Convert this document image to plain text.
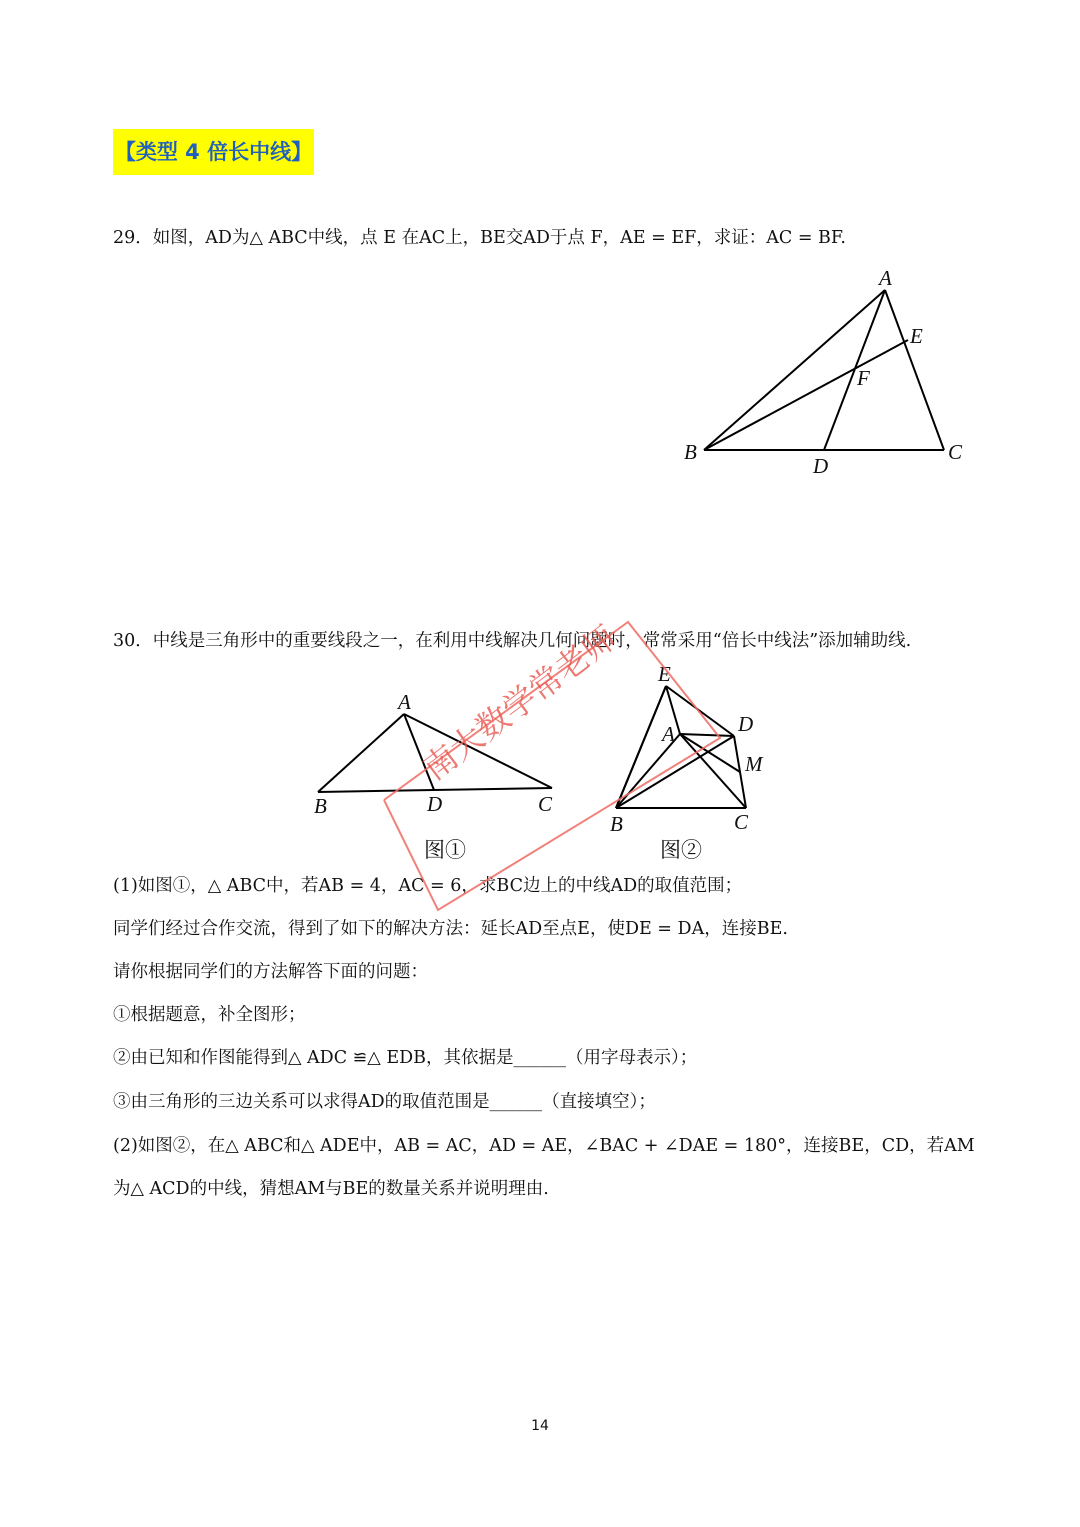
【类型 4 倍长中线】
29．如图，AD为△ ABC中线，点 E 在AC上，BE交AD于点 F，AE = EF，求证：AC = BF.
A
E
F
B
D
C
30．中线是三角形中的重要线段之一，在利用中线解决几何问题时，常常采用“倍长中线法”添加辅助线.
A
B	D	C
图①
E
A	D
M
B	C
图②
(1)如图①，△ ABC中，若AB = 4，AC = 6，求BC边上的中线AD的取值范围；
同学们经过合作交流，得到了如下的解决方法：延长AD至点E，使DE = DA，连接BE.
请你根据同学们的方法解答下面的问题：
①根据题意，补全图形；
②由已知和作图能得到△ ADC ≌△ EDB，其依据是______（用字母表示）；
③由三角形的三边关系可以求得AD的取值范围是______（直接填空）；
(2)如图②，在△ ABC和△ ADE中，AB = AC，AD = AE，∠BAC + ∠DAE = 180°，连接BE，CD，若AM
为△ ACD的中线，猜想AM与BE的数量关系并说明理由.
南大数学常老师
14
